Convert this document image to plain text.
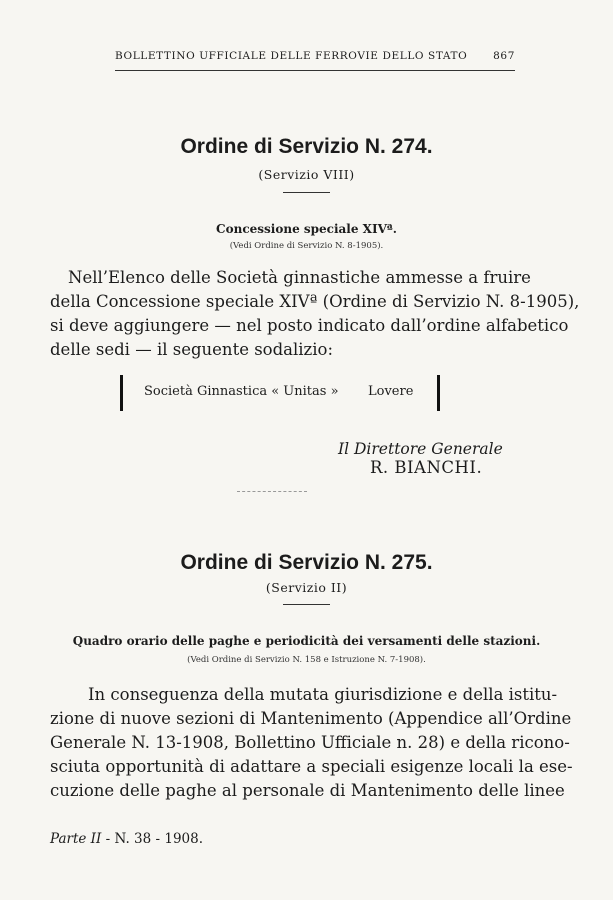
BOLLETTINO UFFICIALE DELLE FERROVIE DELLO STATO 867
Ordine di Servizio N. 274.
(Servizio VIII)
Concessione speciale XIVª.
(Vedi Ordine di Servizio N. 8-1905).
Nell’Elenco delle Società ginnastiche ammesse a fruire
della Concessione speciale XIVª (Ordine di Servizio N. 8-1905),
si deve aggiungere — nel posto indicato dall’ordine alfabetico
delle sedi — il seguente sodalizio:
Società Ginnastica « Unitas » Lovere
Il Direttore Generale
R. BIANCHI.
Ordine di Servizio N. 275.
(Servizio II)
Quadro orario delle paghe e periodicità dei versamenti delle stazioni.
(Vedi Ordine di Servizio N. 158 e Istruzione N. 7-1908).
In conseguenza della mutata giurisdizione e della istitu-
zione di nuove sezioni di Mantenimento (Appendice all’Ordine
Generale N. 13-1908, Bollettino Ufficiale n. 28) e della ricono-
sciuta opportunità di adattare a speciali esigenze locali la ese-
cuzione delle paghe al personale di Mantenimento delle linee
Parte II - N. 38 - 1908.
